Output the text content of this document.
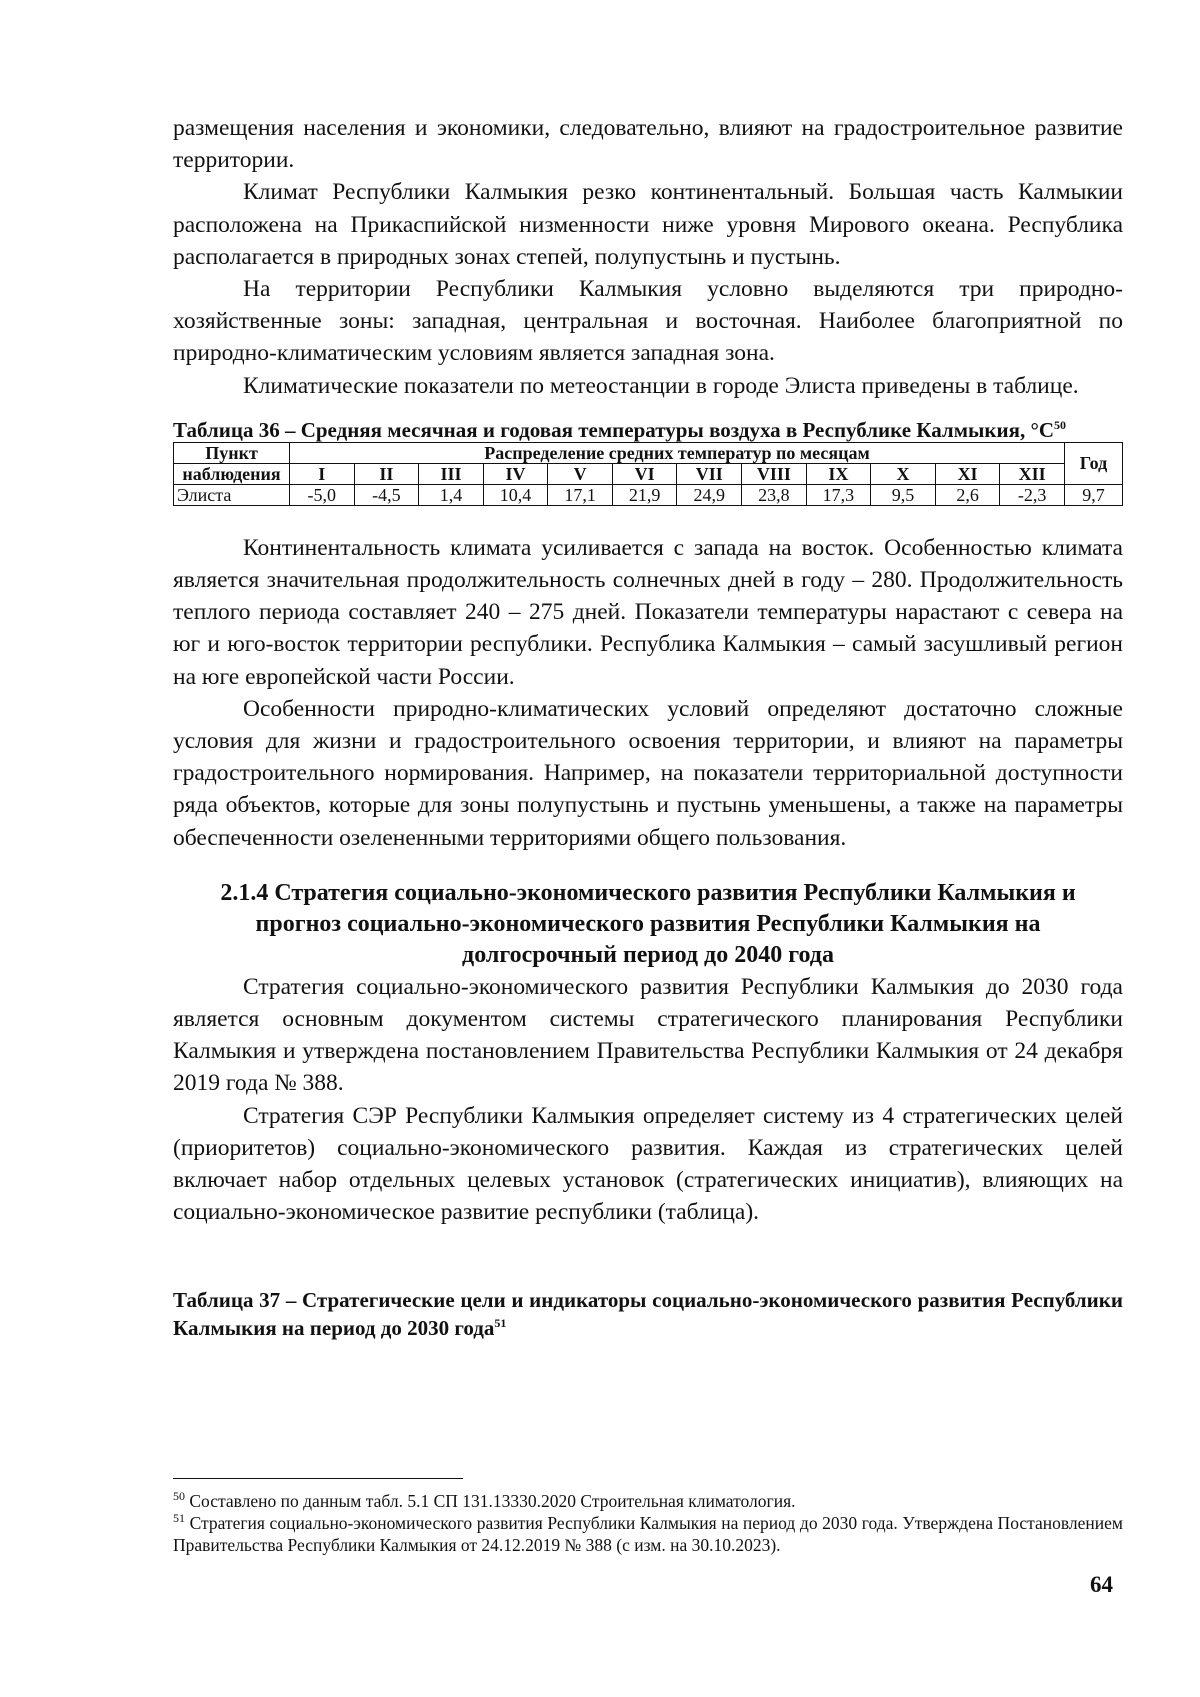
размещения населения и экономики, следовательно, влияют на градостроительное развитие территории.

Климат Республики Калмыкия резко континентальный. Большая часть Калмыкии расположена на Прикаспийской низменности ниже уровня Мирового океана. Республика располагается в природных зонах степей, полупустынь и пустынь.

На территории Республики Калмыкия условно выделяются три природно-хозяйственные зоны: западная, центральная и восточная. Наиболее благоприятной по природно-климатическим условиям является западная зона.

Климатические показатели по метеостанции в городе Элиста приведены в таблице.

Таблица 36 – Средняя месячная и годовая температуры воздуха в Республике Калмыкия, $^\circ С^{50}$
Пункт	Распределение средних температур по месяцам												Год
наблюдения	I	II	III	IV	V	VI	VII	VIII	IX	X	XI	XII	
Элиста	-5,0	-4,5	1,4	10,4	17,1	21,9	24,9	23,8	17,3	9,5	2,6	-2,3	9,7

Континентальность климата усиливается с запада на восток. Особенностью климата является значительная продолжительность солнечных дней в году – 280. Продолжительность теплого периода составляет 240 – 275 дней. Показатели температуры нарастают с севера на юг и юго-восток территории республики. Республика Калмыкия – самый засушливый регион на юге европейской части России.

Особенности природно-климатических условий определяют достаточно сложные условия для жизни и градостроительного освоения территории, и влияют на параметры градостроительного нормирования. Например, на показатели территориальной доступности ряда объектов, которые для зоны полупустынь и пустынь уменьшены, а также на параметры обеспеченности озелененными территориями общего пользования.

2.1.4 Стратегия социально-экономического развития Республики Калмыкия и
прогноз социально-экономического развития Республики Калмыкия на
долгосрочный период до 2040 года

Стратегия социально-экономического развития Республики Калмыкия до 2030 года является основным документом системы стратегического планирования Республики Калмыкия и утверждена постановлением Правительства Республики Калмыкия от 24 декабря 2019 года № 388.

Стратегия СЭР Республики Калмыкия определяет систему из 4 стратегических целей (приоритетов) социально-экономического развития. Каждая из стратегических целей включает набор отдельных целевых установок (стратегических инициатив), влияющих на социально-экономическое развитие республики (таблица).

Таблица 37 – Стратегические цели и индикаторы социально-экономического развития Республики Калмыкия на период до 2030 года$^{51}$

$^{50}$ Составлено по данным табл. 5.1 СП 131.13330.2020 Строительная климатология.

$^{51}$ Стратегия социально-экономического развития Республики Калмыкия на период до 2030 года. Утверждена Постановлением Правительства Республики Калмыкия от 24.12.2019 № 388 (с изм. на 30.10.2023).

64
